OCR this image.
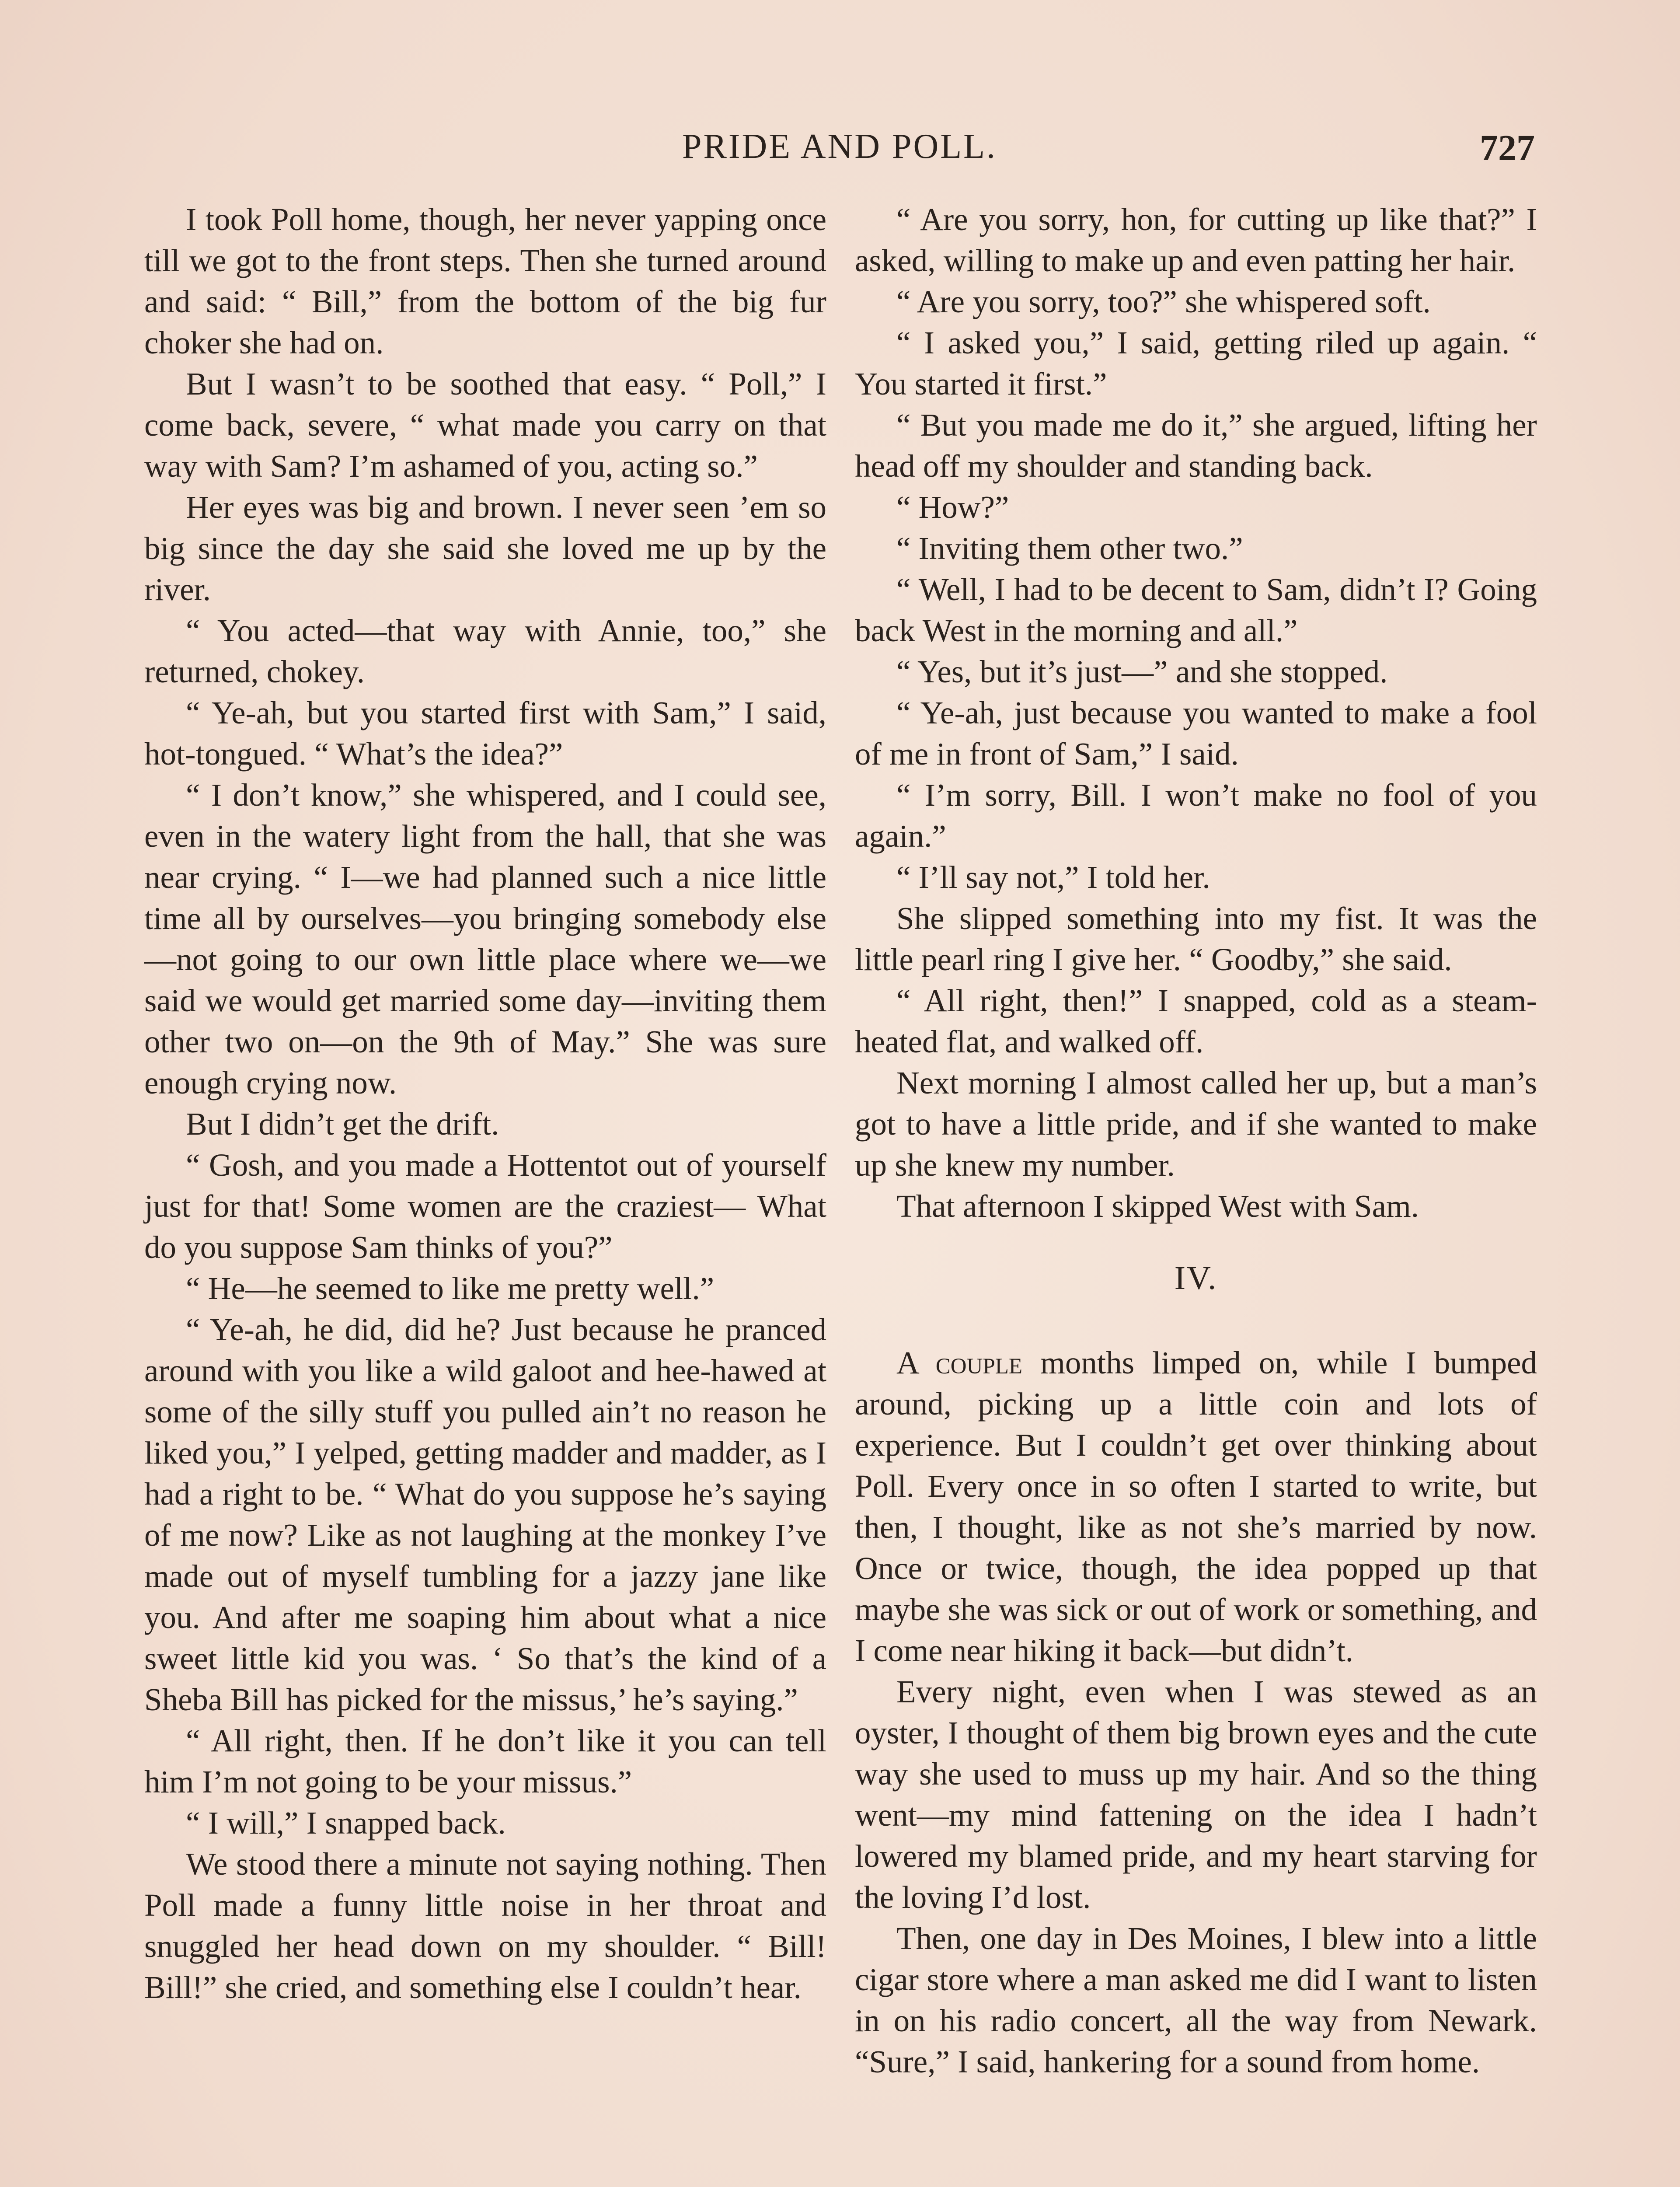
PRIDE AND POLL.	727

I took Poll home, though, her never yapping once till we got to the front steps. Then she turned around and said: “ Bill,” from the bottom of the big fur choker she had on.

But I wasn’t to be soothed that easy. “ Poll,” I come back, severe, “ what made you carry on that way with Sam? I’m ashamed of you, acting so.”

Her eyes was big and brown. I never seen ’em so big since the day she said she loved me up by the river.

“ You acted—that way with Annie, too,” she returned, chokey.

“ Ye-ah, but you started first with Sam,” I said, hot-tongued. “ What’s the idea?”

“ I don’t know,” she whispered, and I could see, even in the watery light from the hall, that she was near crying. “ I—we had planned such a nice little time all by ourselves—you bringing somebody else—not going to our own little place where we—we said we would get married some day—inviting them other two on—on the 9th of May.” She was sure enough crying now.

But I didn’t get the drift.

“ Gosh, and you made a Hottentot out of yourself just for that! Some women are the craziest— What do you suppose Sam thinks of you?”

“ He—he seemed to like me pretty well.”

“ Ye-ah, he did, did he? Just because he pranced around with you like a wild galoot and hee-hawed at some of the silly stuff you pulled ain’t no reason he liked you,” I yelped, getting madder and madder, as I had a right to be. “ What do you suppose he’s saying of me now? Like as not laughing at the monkey I’ve made out of myself tumbling for a jazzy jane like you. And after me soaping him about what a nice sweet little kid you was. ‘ So that’s the kind of a Sheba Bill has picked for the missus,’ he’s saying.”

“ All right, then. If he don’t like it you can tell him I’m not going to be your missus.”

“ I will,” I snapped back.

We stood there a minute not saying nothing. Then Poll made a funny little noise in her throat and snuggled her head down on my shoulder. “ Bill! Bill!” she cried, and something else I couldn’t hear.

“ Are you sorry, hon, for cutting up like that?” I asked, willing to make up and even patting her hair.

“ Are you sorry, too?” she whispered soft.

“ I asked you,” I said, getting riled up again. “ You started it first.”

“ But you made me do it,” she argued, lifting her head off my shoulder and standing back.

“ How?”

“ Inviting them other two.”

“ Well, I had to be decent to Sam, didn’t I? Going back West in the morning and all.”

“ Yes, but it’s just—” and she stopped.

“ Ye-ah, just because you wanted to make a fool of me in front of Sam,” I said.

“ I’m sorry, Bill. I won’t make no fool of you again.”

“ I’ll say not,” I told her.

She slipped something into my fist. It was the little pearl ring I give her. “ Goodby,” she said.

“ All right, then!” I snapped, cold as a steam-heated flat, and walked off.

Next morning I almost called her up, but a man’s got to have a little pride, and if she wanted to make up she knew my number.

That afternoon I skipped West with Sam.

IV.

A couple months limped on, while I bumped around, picking up a little coin and lots of experience. But I couldn’t get over thinking about Poll. Every once in so often I started to write, but then, I thought, like as not she’s married by now. Once or twice, though, the idea popped up that maybe she was sick or out of work or something, and I come near hiking it back—but didn’t.

Every night, even when I was stewed as an oyster, I thought of them big brown eyes and the cute way she used to muss up my hair. And so the thing went—my mind fattening on the idea I hadn’t lowered my blamed pride, and my heart starving for the loving I’d lost.

Then, one day in Des Moines, I blew into a little cigar store where a man asked me did I want to listen in on his radio concert, all the way from Newark. “Sure,” I said, hankering for a sound from home.
